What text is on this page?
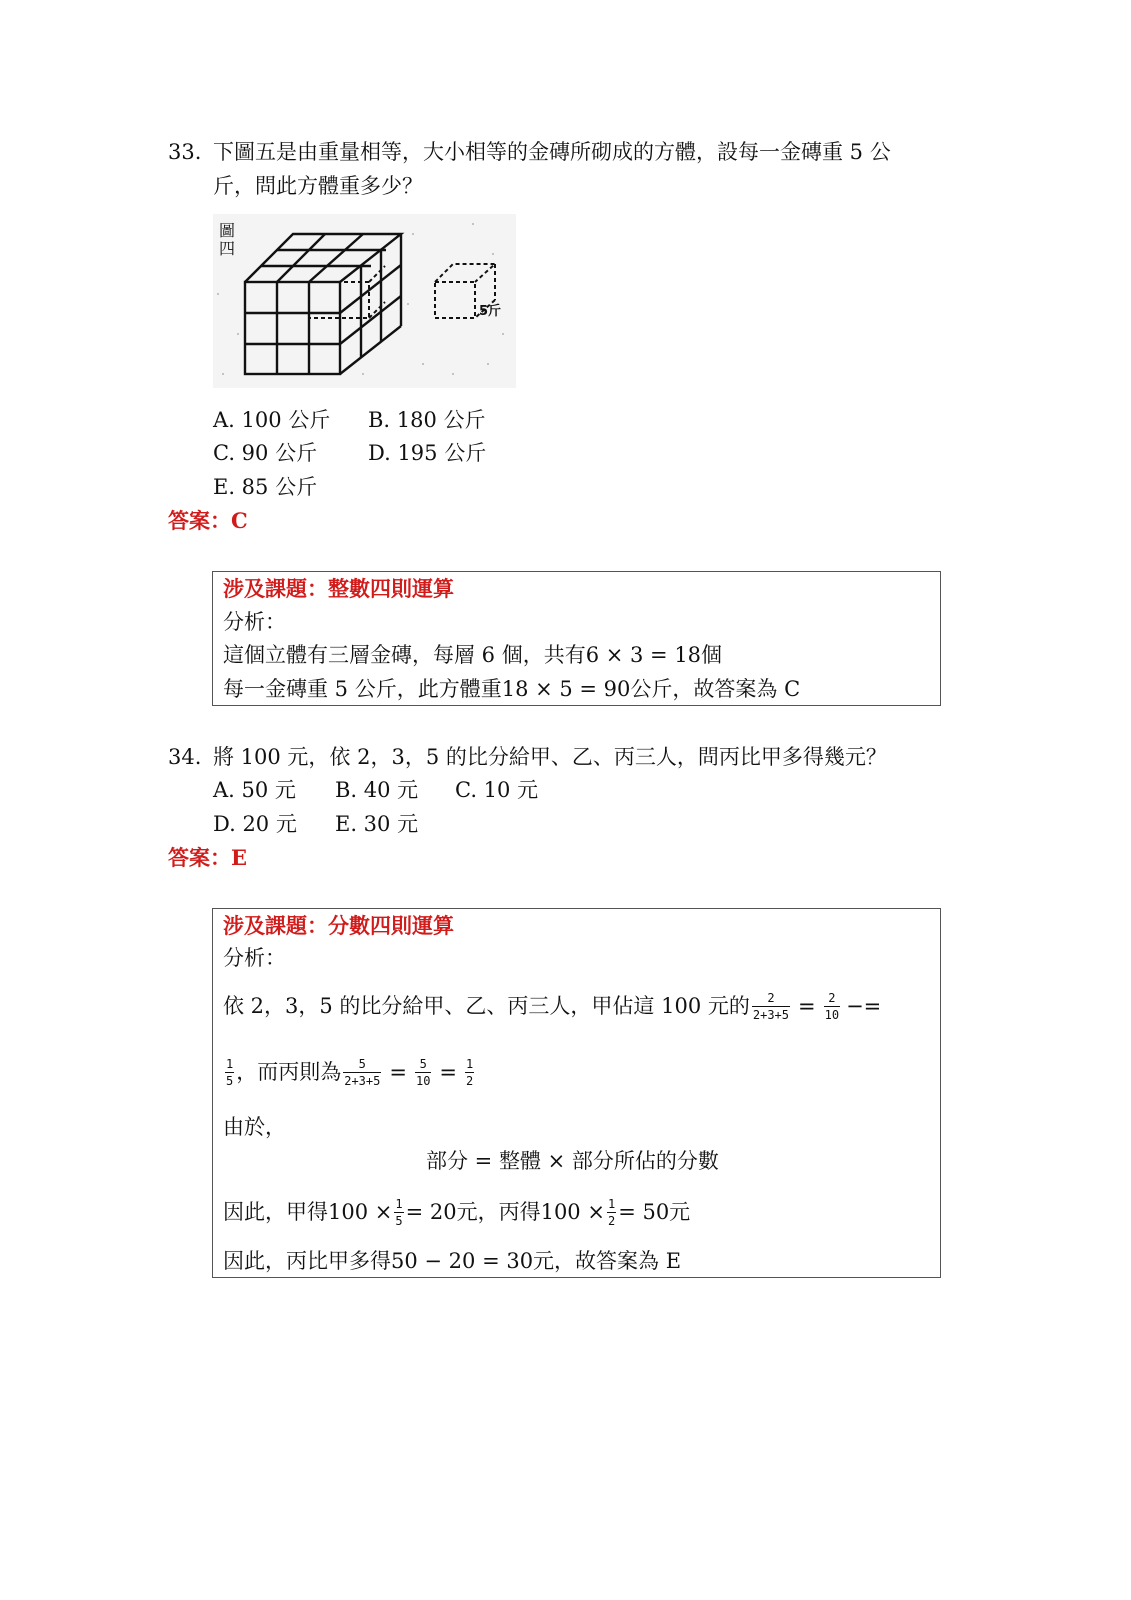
33. 下圖五是由重量相等，大小相等的金磚所砌成的方體，設每一金磚重 5 公
斤，問此方體重多少？
圖四
5斤
A. 100 公斤 B. 180 公斤
C. 90 公斤 D. 195 公斤
E. 85 公斤
答案：C
涉及課題：整數四則運算
分析：
這個立體有三層金磚，每層 6 個，共有6 × 3 = 18個
每一金磚重 5 公斤，此方體重18 × 5 = 90公斤，故答案為 C
34. 將 100 元，依 2，3，5 的比分給甲、乙、丙三人，問丙比甲多得幾元？
A. 50 元 B. 40 元 C. 10 元
D. 20 元 E. 30 元
答案：E
涉及課題：分數四則運算
分析：
依 2，3，5 的比分給甲、乙、丙三人，甲佔這 100 元的 $\frac{2}{2+3+5} = \frac{2}{10}$ −=
$\frac{1}{5}$ ，而丙則為 $\frac{5}{2+3+5} = \frac{5}{10} = \frac{1}{2}$
由於，
部分 = 整體 × 部分所佔的分數
因此，甲得$100 \times \frac{1}{5} = 20$元，丙得$100 \times \frac{1}{2} = 50$元
因此，丙比甲多得50 − 20 = 30元，故答案為 E
